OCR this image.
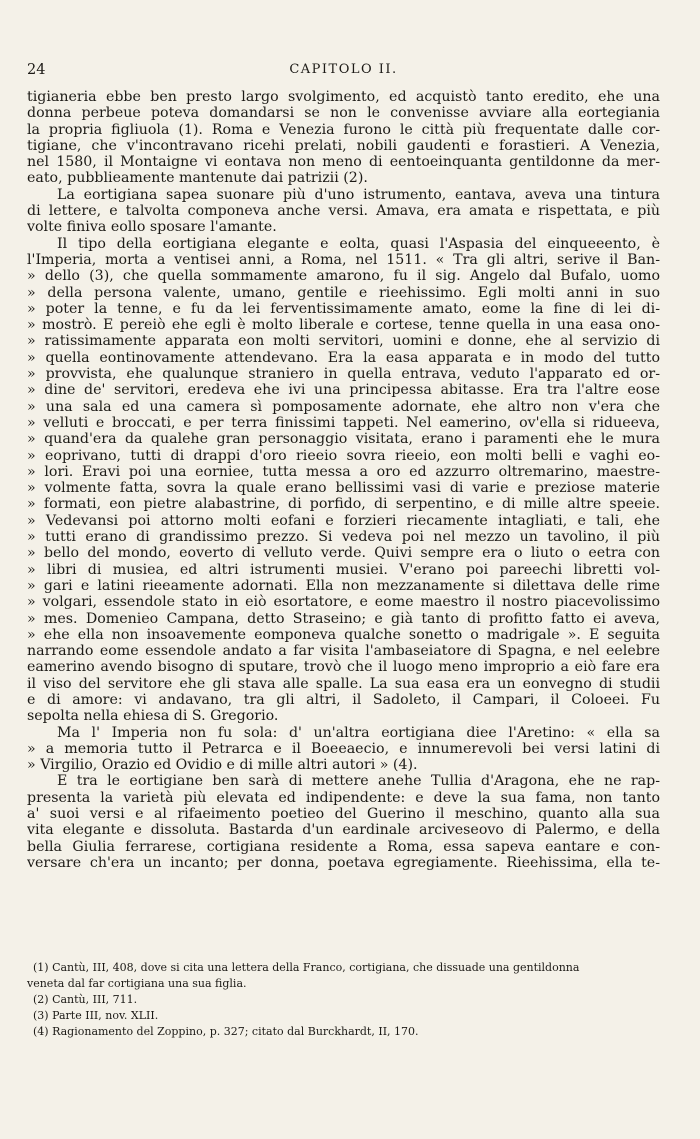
24	CAPITOLO II.
tigianeria ebbe ben presto largo svolgimento, ed acquistò tanto eredito, ehe una
donna perbeue poteva domandarsi se non le convenisse avviare alla eortegiania
la propria figliuola (1). Roma e Venezia furono le città più frequentate dalle cor-
tigiane, che v'incontravano ricehi prelati, nobili gaudenti e forastieri. A Venezia,
nel 1580, il Montaigne vi eontava non meno di eentoeinquanta gentildonne da mer-
eato, pubblieamente mantenute dai patrizii (2).
La eortigiana sapea suonare più d'uno istrumento, eantava, aveva una tintura
di lettere, e talvolta componeva anche versi. Amava, era amata e rispettata, e più
volte finiva eollo sposare l'amante.
Il tipo della eortigiana elegante e eolta, quasi l'Aspasia del einqueeento, è
l'Imperia, morta a ventisei anni, a Roma, nel 1511. « Tra gli altri, serive il Ban-
» dello (3), che quella sommamente amarono, fu il sig. Angelo dal Bufalo, uomo
» della persona valente, umano, gentile e rieehissimo. Egli molti anni in suo
» poter la tenne, e fu da lei ferventissimamente amato, eome la fine di lei di-
» mostrò. E pereiò ehe egli è molto liberale e cortese, tenne quella in una easa ono-
» ratissimamente apparata eon molti servitori, uomini e donne, ehe al servizio di
» quella eontinovamente attendevano. Era la easa apparata e in modo del tutto
» provvista, ehe qualunque straniero in quella entrava, veduto l'apparato ed or-
» dine de' servitori, eredeva ehe ivi una principessa abitasse. Era tra l'altre eose
» una sala ed una camera sì pomposamente adornate, ehe altro non v'era che
» velluti e broccati, e per terra finissimi tappeti. Nel eamerino, ov'ella si ridueeva,
» quand'era da qualehe gran personaggio visitata, erano i paramenti ehe le mura
» eoprivano, tutti di drappi d'oro rieeio sovra rieeio, eon molti belli e vaghi eo-
» lori. Eravi poi una eorniee, tutta messa a oro ed azzurro oltremarino, maestre-
» volmente fatta, sovra la quale erano bellissimi vasi di varie e preziose materie
» formati, eon pietre alabastrine, di porfido, di serpentino, e di mille altre speeie.
» Vedevansi poi attorno molti eofani e forzieri riecamente intagliati, e tali, ehe
» tutti erano di grandissimo prezzo. Si vedeva poi nel mezzo un tavolino, il più
» bello del mondo, eoverto di velluto verde. Quivi sempre era o liuto o eetra con
» libri di musiea, ed altri istrumenti musiei. V'erano poi pareechi libretti vol-
» gari e latini rieeamente adornati. Ella non mezzanamente si dilettava delle rime
» volgari, essendole stato in eiò esortatore, e eome maestro il nostro piacevolissimo
» mes. Domenieo Campana, detto Straseino; e già tanto di profitto fatto ei aveva,
» ehe ella non insoavemente eomponeva qualche sonetto o madrigale ». E seguita
narrando eome essendole andato a far visita l'ambaseiatore di Spagna, e nel eelebre
eamerino avendo bisogno di sputare, trovò che il luogo meno improprio a eiò fare era
il viso del servitore ehe gli stava alle spalle. La sua easa era un eonvegno di studii
e di amore: vi andavano, tra gli altri, il Sadoleto, il Campari, il Coloeei. Fu
sepolta nella ehiesa di S. Gregorio.
Ma l' Imperia non fu sola: d' un'altra eortigiana diee l'Aretino: « ella sa
» a memoria tutto il Petrarca e il Boeeaecio, e innumerevoli bei versi latini di
» Virgilio, Orazio ed Ovidio e di mille altri autori » (4).
E tra le eortigiane ben sarà di mettere anehe Tullia d'Aragona, ehe ne rap-
presenta la varietà più elevata ed indipendente: e deve la sua fama, non tanto
a' suoi versi e al rifaeimento poetieo del Guerino il meschino, quanto alla sua
vita elegante e dissoluta. Bastarda d'un eardinale arciveseovo di Palermo, e della
bella Giulia ferrarese, cortigiana residente a Roma, essa sapeva eantare e con-
versare ch'era un incanto; per donna, poetava egregiamente. Rieehissima, ella te-
(1) Cantù, III, 408, dove si cita una lettera della Franco, cortigiana, che dissuade una gentildonna
veneta dal far cortigiana una sua figlia.
(2) Cantù, III, 711.
(3) Parte III, nov. XLII.
(4) Ragionamento del Zoppino, p. 327; citato dal Burckhardt, II, 170.
